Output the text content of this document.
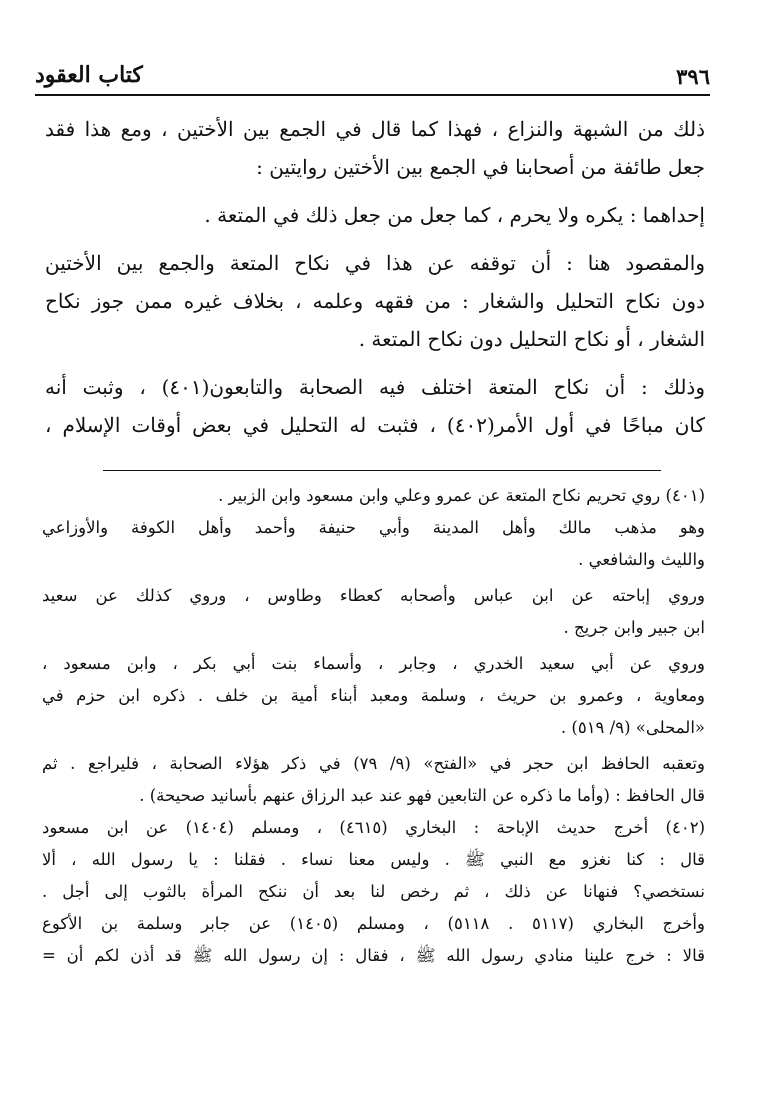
٣٩٦
كتاب العقود
ذلك من الشبهة والنزاع ، فهذا كما قال في الجمع بين الأختين ، ومع هذا فقد
جعل طائفة من أصحابنا في الجمع بين الأختين روايتين :
إحداهما : يكره ولا يحرم ، كما جعل من جعل ذلك في المتعة .
والمقصود هنا : أن توقفه عن هذا في نكاح المتعة والجمع بين الأختين
دون نكاح التحليل والشغار : من فقهه وعلمه ، بخلاف غيره ممن جوز نكاح
الشغار ، أو نكاح التحليل دون نكاح المتعة .
وذلك : أن نكاح المتعة اختلف فيه الصحابة والتابعون(٤٠١) ، وثبت أنه
كان مباحًا في أول الأمر(٤٠٢) ، فثبت له التحليل في بعض أوقات الإسلام ،
(٤٠١) روي تحريم نكاح المتعة عن عمرو وعلي وابن مسعود وابن الزبير .
وهو مذهب مالك وأهل المدينة وأبي حنيفة وأحمد وأهل الكوفة والأوزاعي
والليث والشافعي .
وروي إباحته عن ابن عباس وأصحابه كعطاء وطاوس ، وروي كذلك عن سعيد
ابن جبير وابن جريج .
وروي عن أبي سعيد الخدري ، وجابر ، وأسماء بنت أبي بكر ، وابن مسعود ،
ومعاوية ، وعمرو بن حريث ، وسلمة ومعبد أبناء أمية بن خلف . ذكره ابن حزم في
«المحلى» (٩/ ٥١٩) .
وتعقبه الحافظ ابن حجر في «الفتح» (٩/ ٧٩) في ذكر هؤلاء الصحابة ، فليراجع . ثم
قال الحافظ : (وأما ما ذكره عن التابعين فهو عند عبد الرزاق عنهم بأسانيد صحيحة) .
(٤٠٢) أخرج حديث الإباحة : البخاري (٤٦١٥) ، ومسلم (١٤٠٤) عن ابن مسعود
قال : كنا نغزو مع النبي ﷺ . وليس معنا نساء . فقلنا : يا رسول الله ، ألا
نستخصي؟ فنهانا عن ذلك ، ثم رخص لنا بعد أن ننكح المرأة بالثوب إلى أجل .
وأخرج البخاري (٥١١٧ . ٥١١٨) ، ومسلم (١٤٠٥) عن جابر وسلمة بن الأكوع
قالا : خرج علينا منادي رسول الله ﷺ ، فقال : إن رسول الله ﷺ قد أذن لكم أن =
